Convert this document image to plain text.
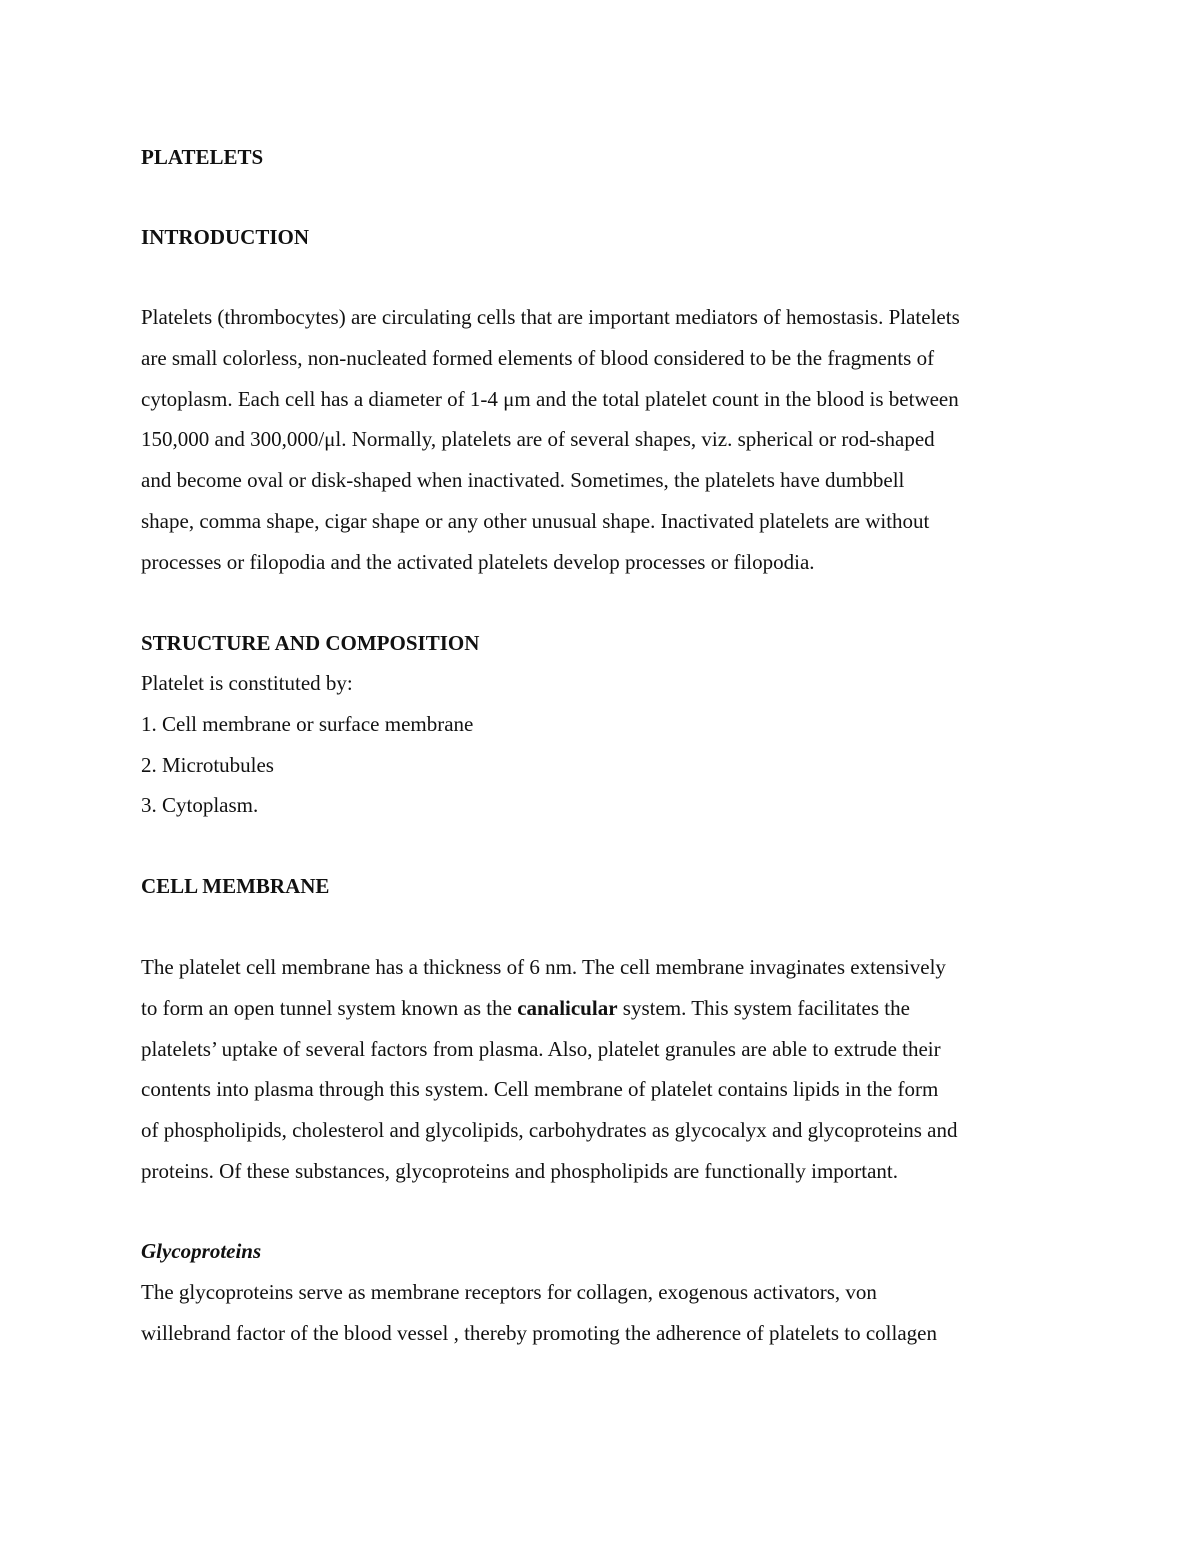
PLATELETS

INTRODUCTION

Platelets (thrombocytes) are circulating cells that are important mediators of hemostasis. Platelets
are small colorless, non-nucleated formed elements of blood considered to be the fragments of
cytoplasm. Each cell has a diameter of 1-4 μm and the total platelet count in the blood is between
150,000 and 300,000/μl. Normally, platelets are of several shapes, viz. spherical or rod-shaped
and become oval or disk-shaped when inactivated. Sometimes, the platelets have dumbbell
shape, comma shape, cigar shape or any other unusual shape. Inactivated platelets are without
processes or filopodia and the activated platelets develop processes or filopodia.

STRUCTURE AND COMPOSITION

Platelet is constituted by:
1. Cell membrane or surface membrane
2. Microtubules
3. Cytoplasm.

CELL MEMBRANE

The platelet cell membrane has a thickness of 6 nm. The cell membrane invaginates extensively
to form an open tunnel system known as the canalicular system. This system facilitates the
platelets’ uptake of several factors from plasma. Also, platelet granules are able to extrude their
contents into plasma through this system. Cell membrane of platelet contains lipids in the form
of phospholipids, cholesterol and glycolipids, carbohydrates as glycocalyx and glycoproteins and
proteins. Of these substances, glycoproteins and phospholipids are functionally important.

Glycoproteins

The glycoproteins serve as membrane receptors for collagen, exogenous activators, von
willebrand factor of the blood vessel , thereby promoting the adherence of platelets to collagen
